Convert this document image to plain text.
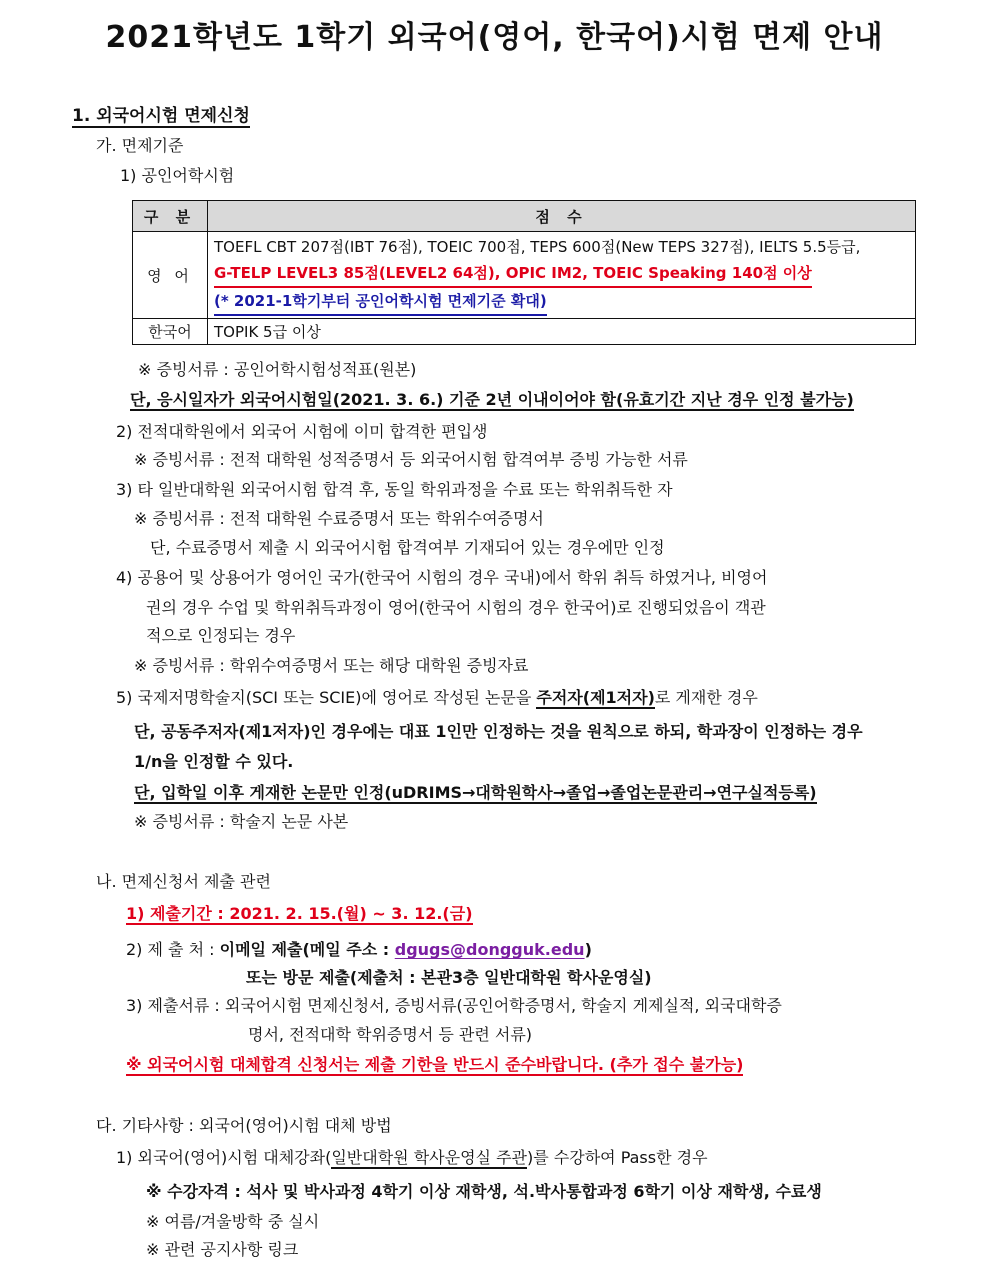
2021학년도 1학기 외국어(영어, 한국어)시험 면제 안내
1. 외국어시험 면제신청
가. 면제기준
1) 공인어학시험
구 분	점 수
영 어	TOEFL CBT 207점(IBT 76점), TOEIC 700점, TEPS 600점(New TEPS 327점), IELTS 5.5등급,
G-TELP LEVEL3 85점(LEVEL2 64점), OPIC IM2, TOEIC Speaking 140점 이상
(* 2021-1학기부터 공인어학시험 면제기준 확대)

한국어	TOPIK 5급 이상
※ 증빙서류 : 공인어학시험성적표(원본)
단, 응시일자가 외국어시험일(2021. 3. 6.) 기준 2년 이내이어야 함(유효기간 지난 경우 인정 불가능)
2) 전적대학원에서 외국어 시험에 이미 합격한 편입생
※ 증빙서류 : 전적 대학원 성적증명서 등 외국어시험 합격여부 증빙 가능한 서류
3) 타 일반대학원 외국어시험 합격 후, 동일 학위과정을 수료 또는 학위취득한 자
※ 증빙서류 : 전적 대학원 수료증명서 또는 학위수여증명서
단, 수료증명서 제출 시 외국어시험 합격여부 기재되어 있는 경우에만 인정
4) 공용어 및 상용어가 영어인 국가(한국어 시험의 경우 국내)에서 학위 취득 하였거나, 비영어
권의 경우 수업 및 학위취득과정이 영어(한국어 시험의 경우 한국어)로 진행되었음이 객관
적으로 인정되는 경우
※ 증빙서류 : 학위수여증명서 또는 해당 대학원 증빙자료
5) 국제저명학술지(SCI 또는 SCIE)에 영어로 작성된 논문을 주저자(제1저자)로 게재한 경우
단, 공동주저자(제1저자)인 경우에는 대표 1인만 인정하는 것을 원칙으로 하되, 학과장이 인정하는 경우
1/n을 인정할 수 있다.
단, 입학일 이후 게재한 논문만 인정(uDRIMS→대학원학사→졸업→졸업논문관리→연구실적등록)
※ 증빙서류 : 학술지 논문 사본
나. 면제신청서 제출 관련
1) 제출기간 : 2021. 2. 15.(월) ~ 3. 12.(금)
2) 제 출 처 : 이메일 제출(메일 주소 : dgugs@dongguk.edu)
또는 방문 제출(제출처 : 본관3층 일반대학원 학사운영실)
3) 제출서류 : 외국어시험 면제신청서, 증빙서류(공인어학증명서, 학술지 게제실적, 외국대학증
명서, 전적대학 학위증명서 등 관련 서류)
※ 외국어시험 대체합격 신청서는 제출 기한을 반드시 준수바랍니다. (추가 접수 불가능)
다. 기타사항 : 외국어(영어)시험 대체 방법
1) 외국어(영어)시험 대체강좌(일반대학원 학사운영실 주관)를 수강하여 Pass한 경우
※ 수강자격 : 석사 및 박사과정 4학기 이상 재학생, 석.박사통합과정 6학기 이상 재학생, 수료생
※ 여름/겨울방학 중 실시
※ 관련 공지사항 링크
